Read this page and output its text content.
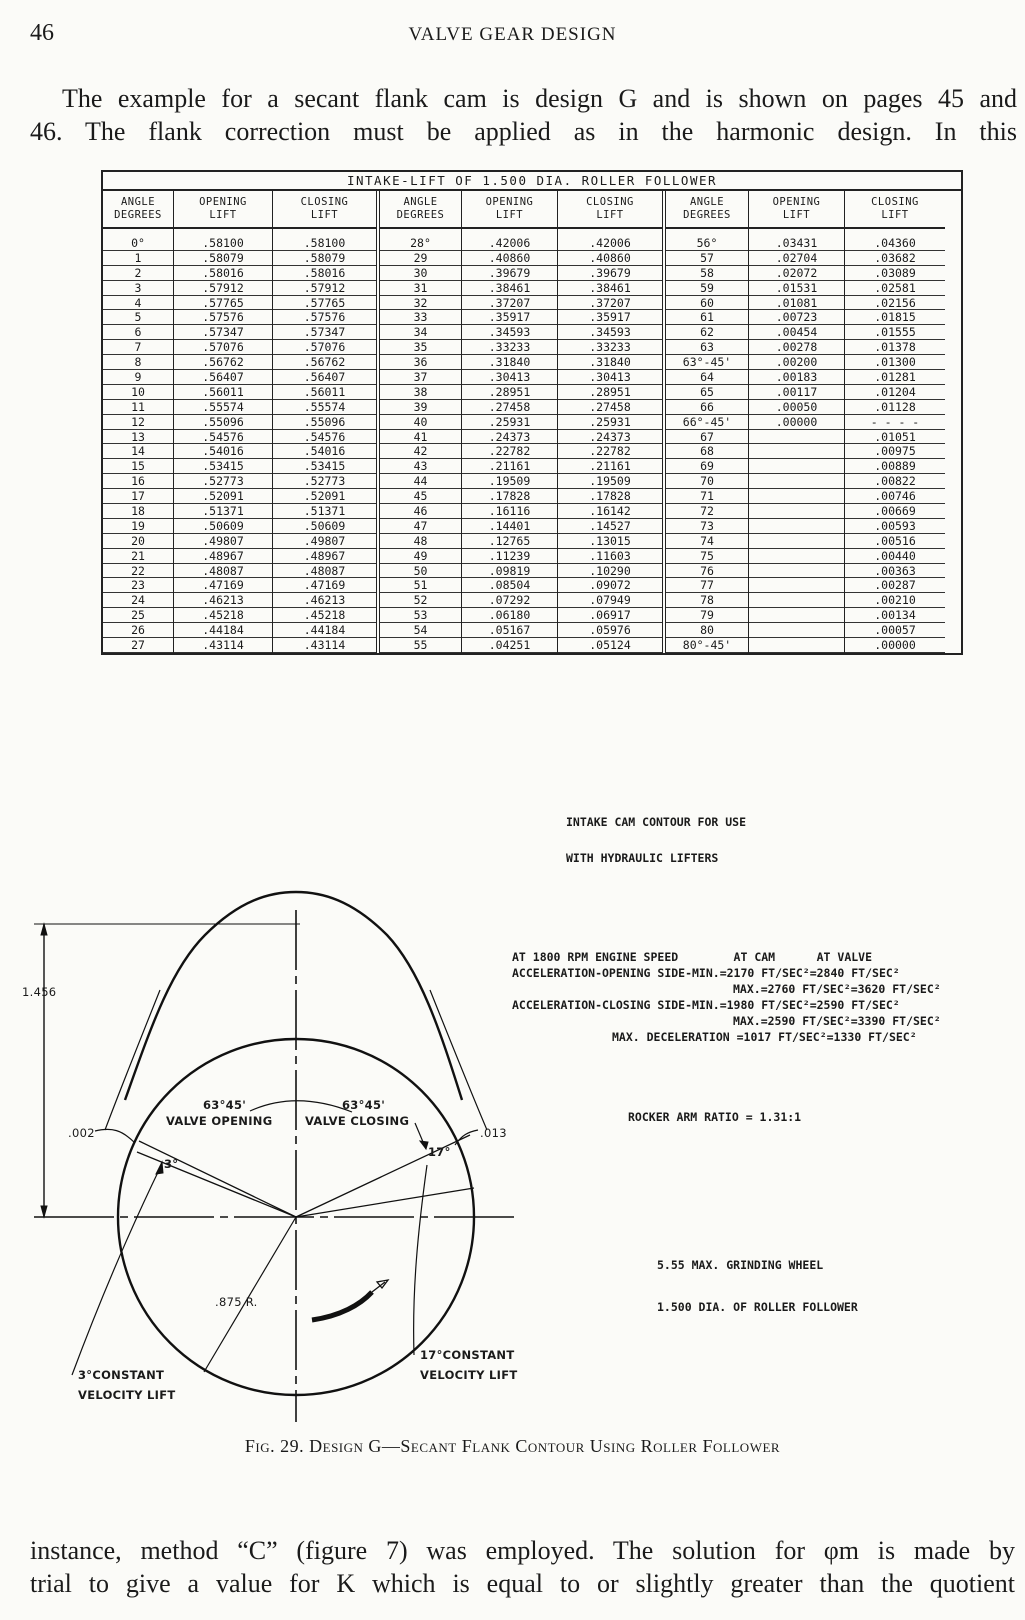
46	VALVE GEAR DESIGN
The example for a secant flank cam is design G and is shown on pages 45 and
46. The flank correction must be applied as in the harmonic design. In this
INTAKE-LIFT OF 1.500 DIA. ROLLER FOLLOWER
ANGLE
DEGREES
0°
1
2
3
4
5
6
7
8
9
10
11
12
13
14
15
16
17
18
19
20
21
22
23
24
25
26
27
OPENING
LIFT
.58100
.58079
.58016
.57912
.57765
.57576
.57347
.57076
.56762
.56407
.56011
.55574
.55096
.54576
.54016
.53415
.52773
.52091
.51371
.50609
.49807
.48967
.48087
.47169
.46213
.45218
.44184
.43114
CLOSING
LIFT
.58100
.58079
.58016
.57912
.57765
.57576
.57347
.57076
.56762
.56407
.56011
.55574
.55096
.54576
.54016
.53415
.52773
.52091
.51371
.50609
.49807
.48967
.48087
.47169
.46213
.45218
.44184
.43114
ANGLE
DEGREES
28°
29
30
31
32
33
34
35
36
37
38
39
40
41
42
43
44
45
46
47
48
49
50
51
52
53
54
55
OPENING
LIFT
.42006
.40860
.39679
.38461
.37207
.35917
.34593
.33233
.31840
.30413
.28951
.27458
.25931
.24373
.22782
.21161
.19509
.17828
.16116
.14401
.12765
.11239
.09819
.08504
.07292
.06180
.05167
.04251
CLOSING
LIFT
.42006
.40860
.39679
.38461
.37207
.35917
.34593
.33233
.31840
.30413
.28951
.27458
.25931
.24373
.22782
.21161
.19509
.17828
.16142
.14527
.13015
.11603
.10290
.09072
.07949
.06917
.05976
.05124
ANGLE
DEGREES
56°
57
58
59
60
61
62
63
63°-45'
64
65
66
66°-45'
67
68
69
70
71
72
73
74
75
76
77
78
79
80
80°-45'
OPENING
LIFT
.03431
.02704
.02072
.01531
.01081
.00723
.00454
.00278
.00200
.00183
.00117
.00050
.00000
CLOSING
LIFT
.04360
.03682
.03089
.02581
.02156
.01815
.01555
.01378
.01300
.01281
.01204
.01128
- - - -
.01051
.00975
.00889
.00822
.00746
.00669
.00593
.00516
.00440
.00363
.00287
.00210
.00134
.00057
.00000

INTAKE CAM CONTOUR FOR USE

WITH HYDRAULIC LIFTERS

AT 1800 RPM ENGINE SPEED        AT CAM      AT VALVE
ACCELERATION-OPENING SIDE-MIN.=2170 FT/SEC²=2840 FT/SEC²
MAX.=2760 FT/SEC²=3620 FT/SEC²
ACCELERATION-CLOSING SIDE-MIN.=1980 FT/SEC²=2590 FT/SEC²
MAX.=2590 FT/SEC²=3390 FT/SEC²
MAX. DECELERATION =1017 FT/SEC²=1330 FT/SEC²
ROCKER ARM RATIO = 1.31:1

5.55 MAX. GRINDING WHEEL

1.500 DIA. OF ROLLER FOLLOWER

1.456
.002	.013
63°45'
VALVE OPENING
63°45'
VALVE CLOSING
3°
17°
.875 R.
3°CONSTANT
VELOCITY LIFT
17°CONSTANT
VELOCITY LIFT
Fig. 29. Design G—Secant Flank Contour Using Roller Follower
instance, method “C” (figure 7) was employed. The solution for φm is made by
trial to give a value for K which is equal to or slightly greater than the quotient
